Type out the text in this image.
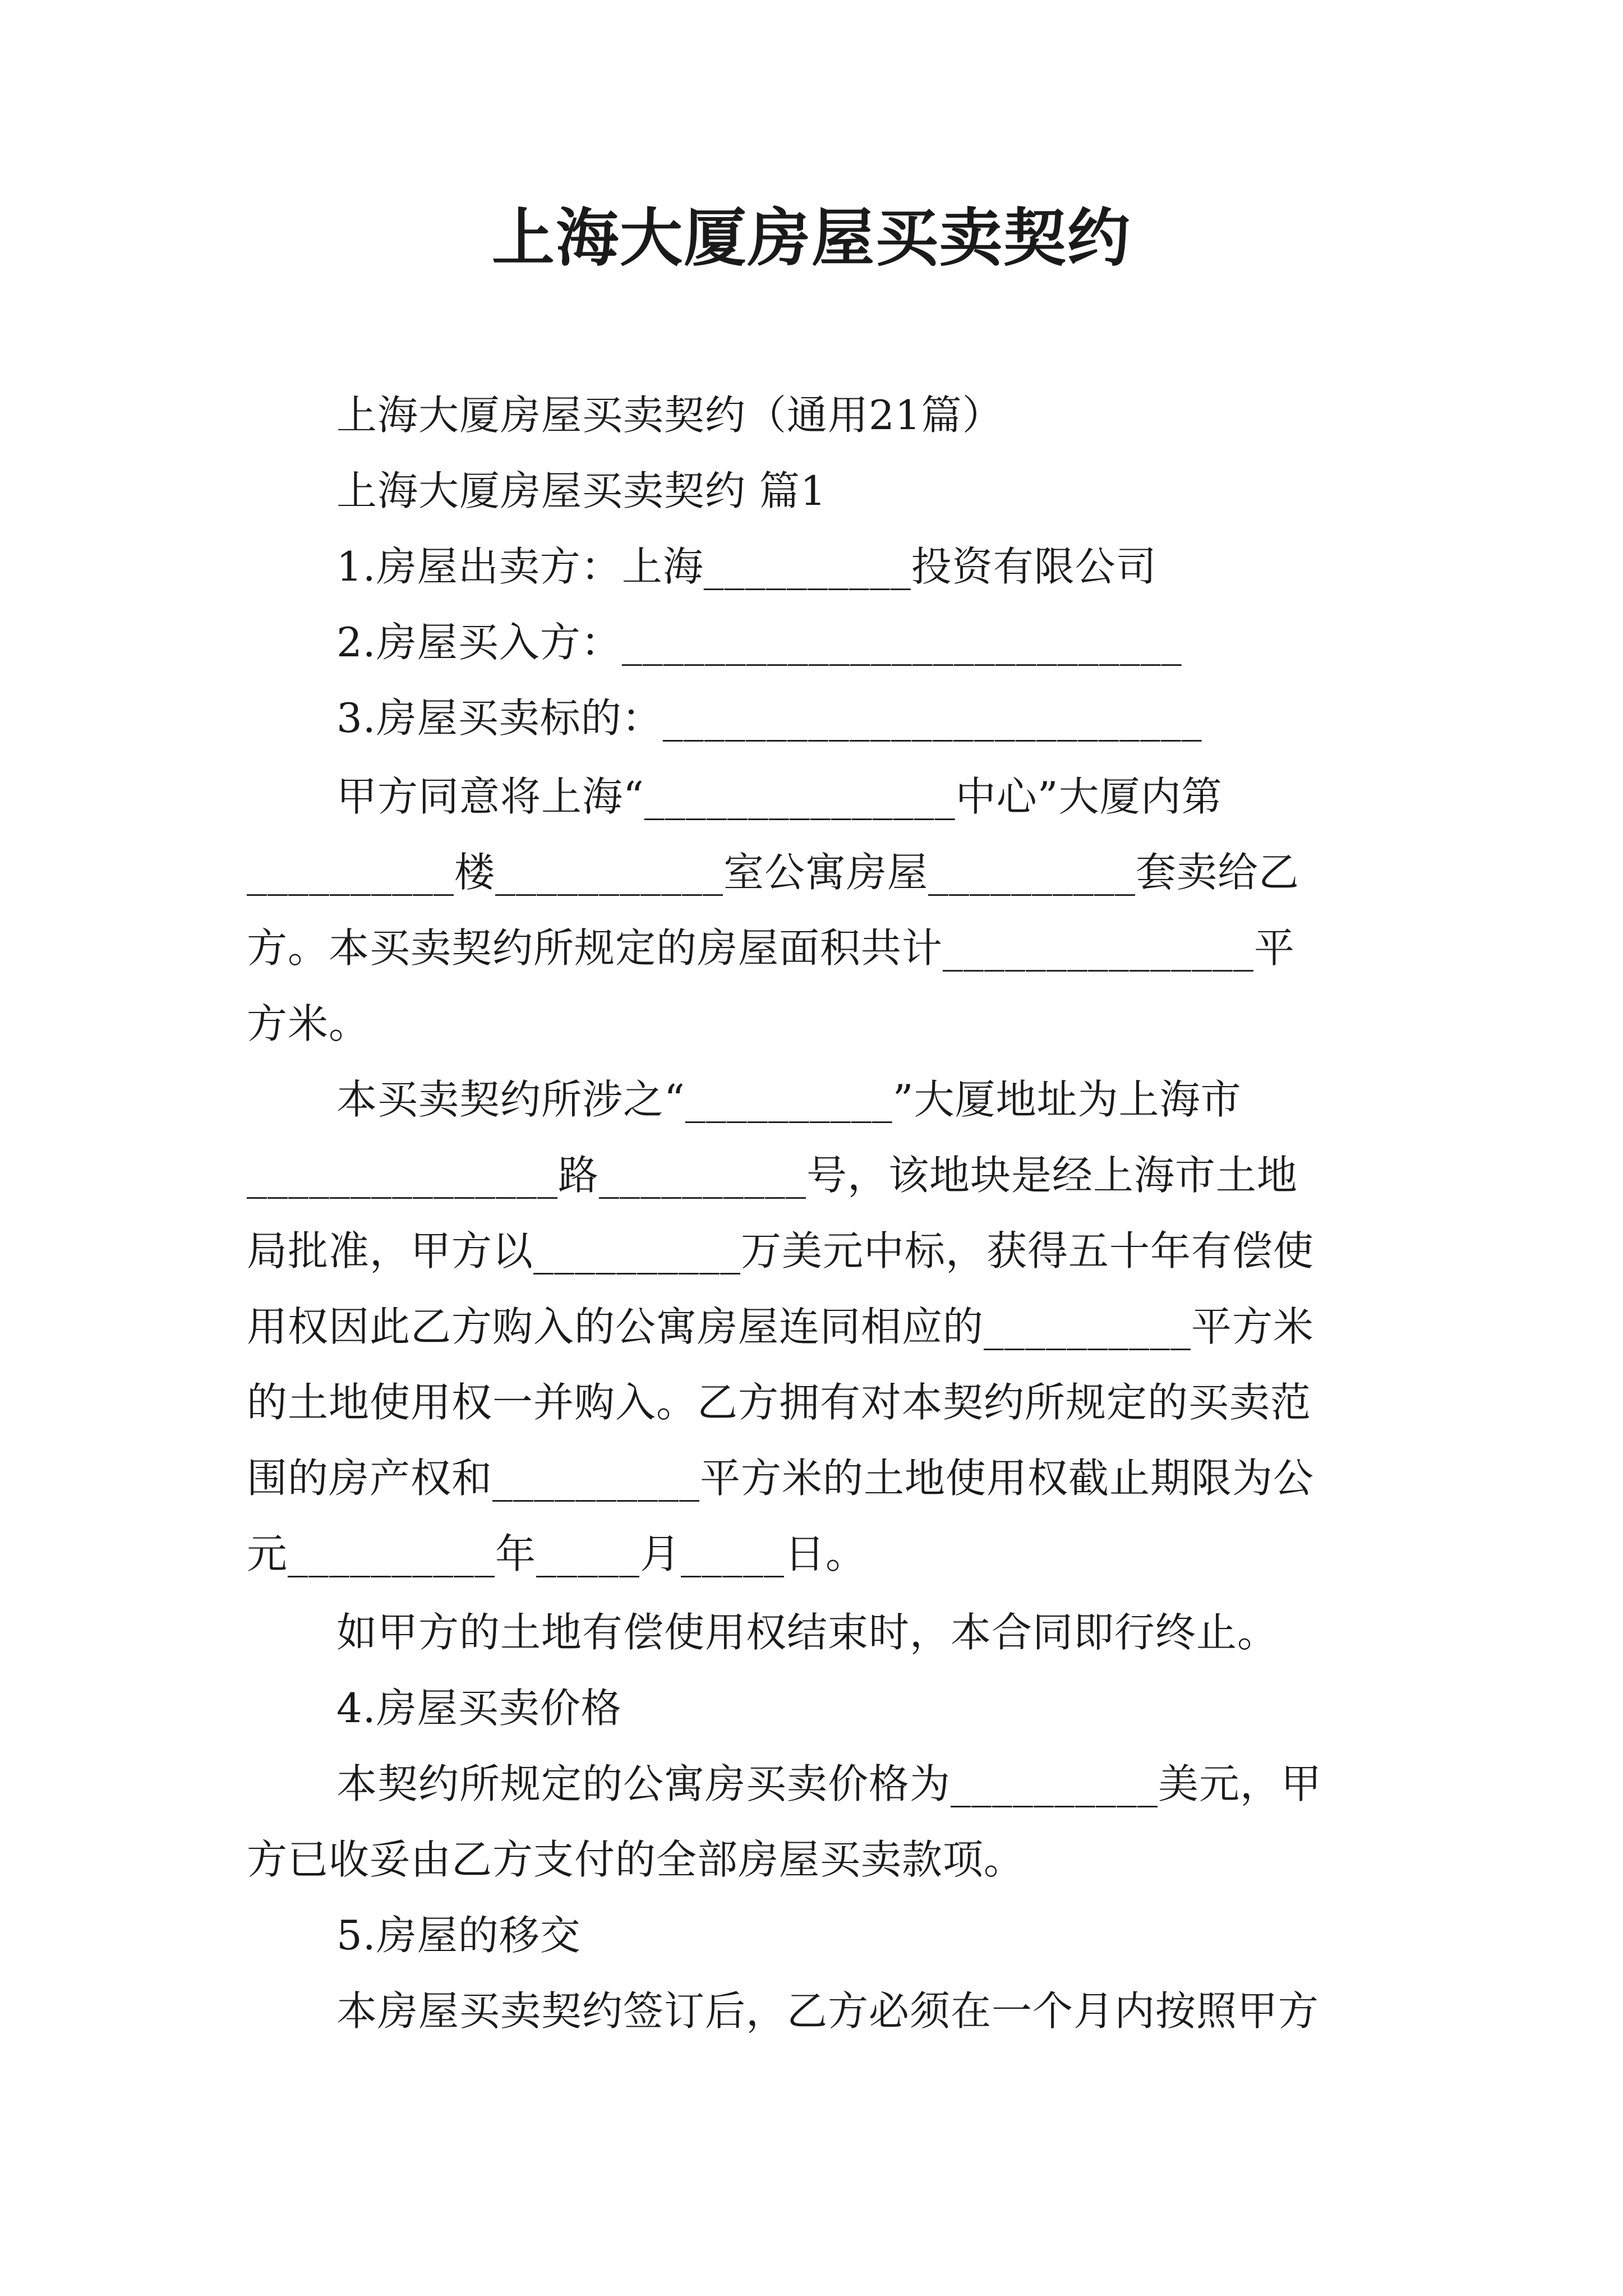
上海大厦房屋买卖契约
上海大厦房屋买卖契约（通用21篇）
上海大厦房屋买卖契约 篇1
1.房屋出卖方：上海__________投资有限公司
2.房屋买入方：___________________________
3.房屋买卖标的：__________________________
甲方同意将上海“_______________中心”大厦内第
__________楼___________室公寓房屋__________套卖给乙
方。本买卖契约所规定的房屋面积共计_______________平
方米。
本买卖契约所涉之“__________”大厦地址为上海市
_______________路__________号，该地块是经上海市土地
局批准，甲方以__________万美元中标，获得五十年有偿使
用权因此乙方购入的公寓房屋连同相应的__________平方米
的土地使用权一并购入。乙方拥有对本契约所规定的买卖范
围的房产权和__________平方米的土地使用权截止期限为公
元__________年_____月_____日。
如甲方的土地有偿使用权结束时，本合同即行终止。
4.房屋买卖价格
本契约所规定的公寓房买卖价格为__________美元，甲
方已收妥由乙方支付的全部房屋买卖款项。
5.房屋的移交
本房屋买卖契约签订后，乙方必须在一个月内按照甲方
